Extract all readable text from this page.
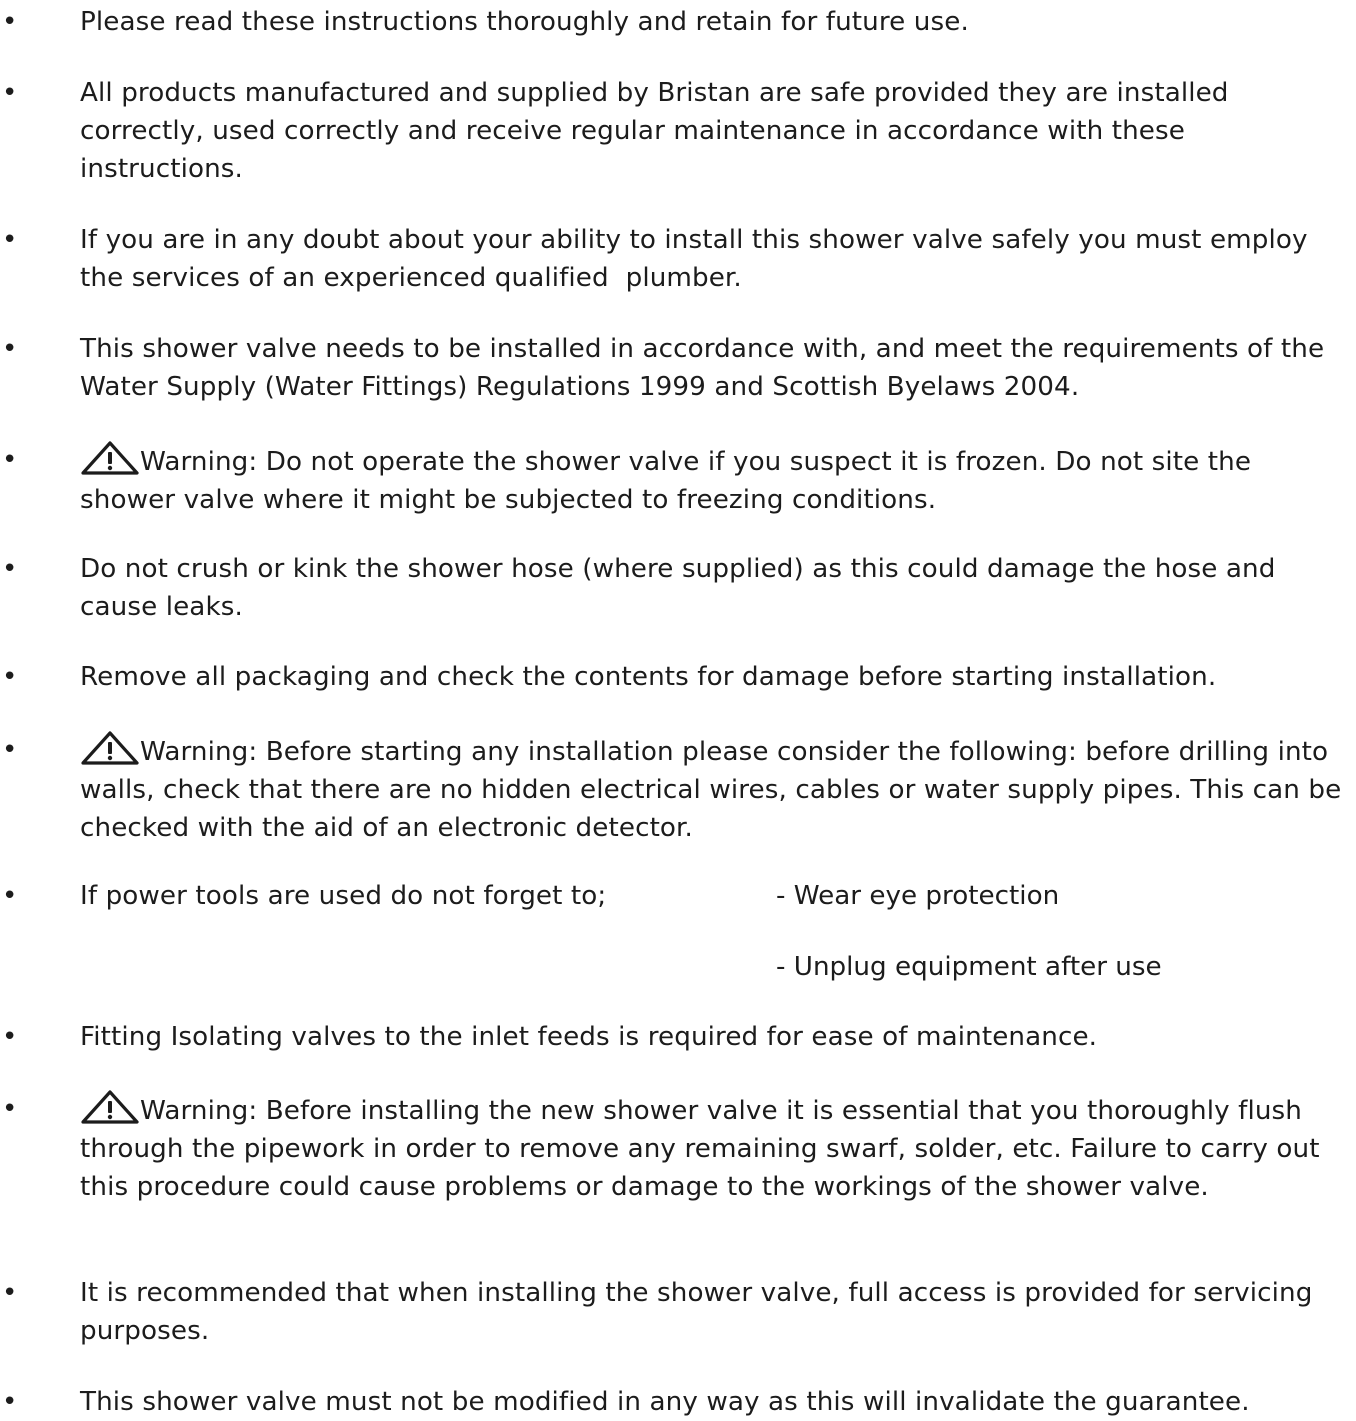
•	Please read these instructions thoroughly and retain for future use.
•	All products manufactured and supplied by Bristan are safe provided they are installed correctly, used correctly and receive regular maintenance in accordance with these instructions.
•	If you are in any doubt about your ability to install this shower valve safely you must employ the services of an experienced qualified  plumber.
•	This shower valve needs to be installed in accordance with, and meet the requirements of the Water Supply (Water Fittings) Regulations 1999 and Scottish Byelaws 2004.
•	Warning: Do not operate the shower valve if you suspect it is frozen. Do not site the shower valve where it might be subjected to freezing conditions.
•	Do not crush or kink the shower hose (where supplied) as this could damage the hose and cause leaks.
•	Remove all packaging and check the contents for damage before starting installation.
•	Warning: Before starting any installation please consider the following: before drilling into walls, check that there are no hidden electrical wires, cables or water supply pipes. This can be checked with the aid of an electronic detector.
•	If power tools are used do not forget to;	- Wear eye protection
- Unplug equipment after use
•	Fitting Isolating valves to the inlet feeds is required for ease of maintenance.
•	Warning: Before installing the new shower valve it is essential that you thoroughly flush through the pipework in order to remove any remaining swarf, solder, etc. Failure to carry out this procedure could cause problems or damage to the workings of the shower valve.
•	It is recommended that when installing the shower valve, full access is provided for servicing purposes.
•	This shower valve must not be modified in any way as this will invalidate the guarantee.
